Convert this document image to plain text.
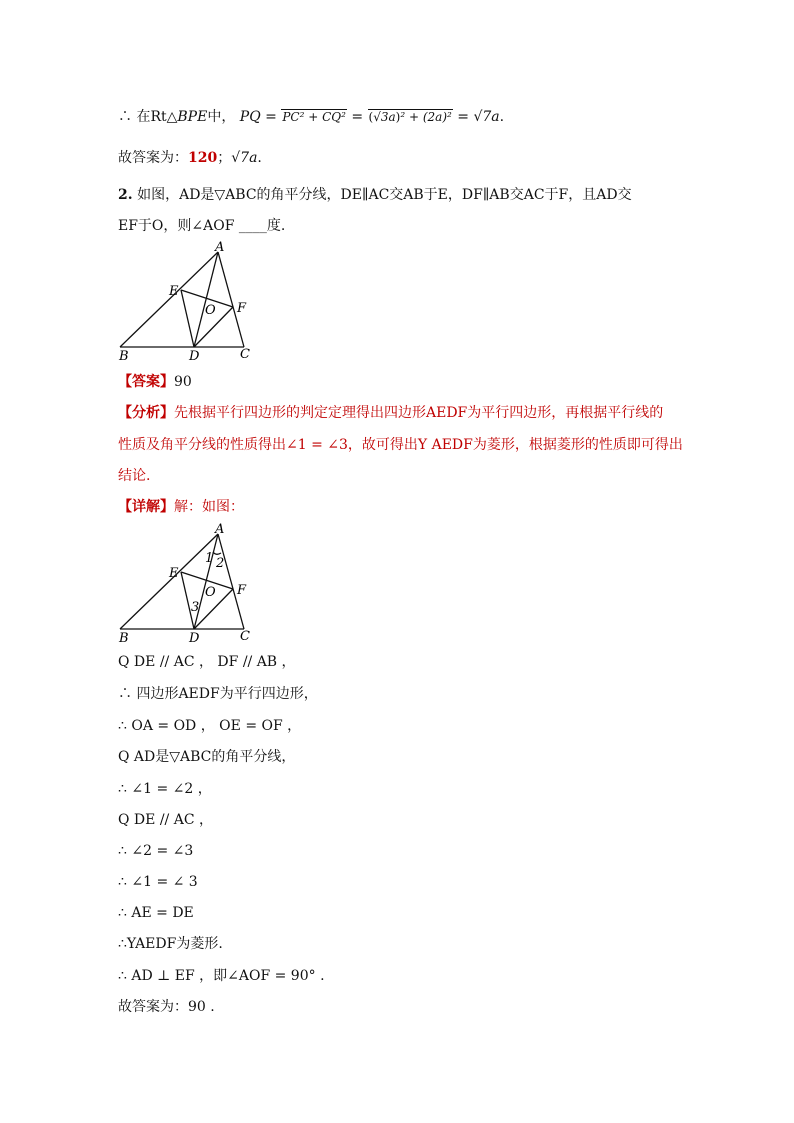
∴ 在Rt△BPE中， PQ = PC² + CQ² = (√3a)² + (2a)² = √7a.
故答案为：120；√7a.
2. 如图，AD是▽ABC的角平分线，DE∥AC交AB于E，DF∥AB交AC于F，且AD交
EF于O，则∠AOF ____度.
A
E
F
O
B	D	C
【答案】90
【分析】先根据平行四边形的判定定理得出四边形AEDF为平行四边形，再根据平行线的
性质及角平分线的性质得出∠1 = ∠3，故可得出Y AEDF为菱形，根据菱形的性质即可得出
结论.
【详解】解：如图：
A
1 2
E
F
O
3
B	D	C
Q DE // AC ， DF // AB ，
∴ 四边形AEDF为平行四边形，
∴ OA = OD ， OE = OF ，
Q AD是▽ABC的角平分线，
∴ ∠1 = ∠2 ，
Q DE // AC ，
∴ ∠2 = ∠3
∴ ∠1 = ∠ 3
∴ AE = DE
∴YAEDF为菱形.
∴ AD ⊥ EF ，即∠AOF = 90° .
故答案为：90 .
